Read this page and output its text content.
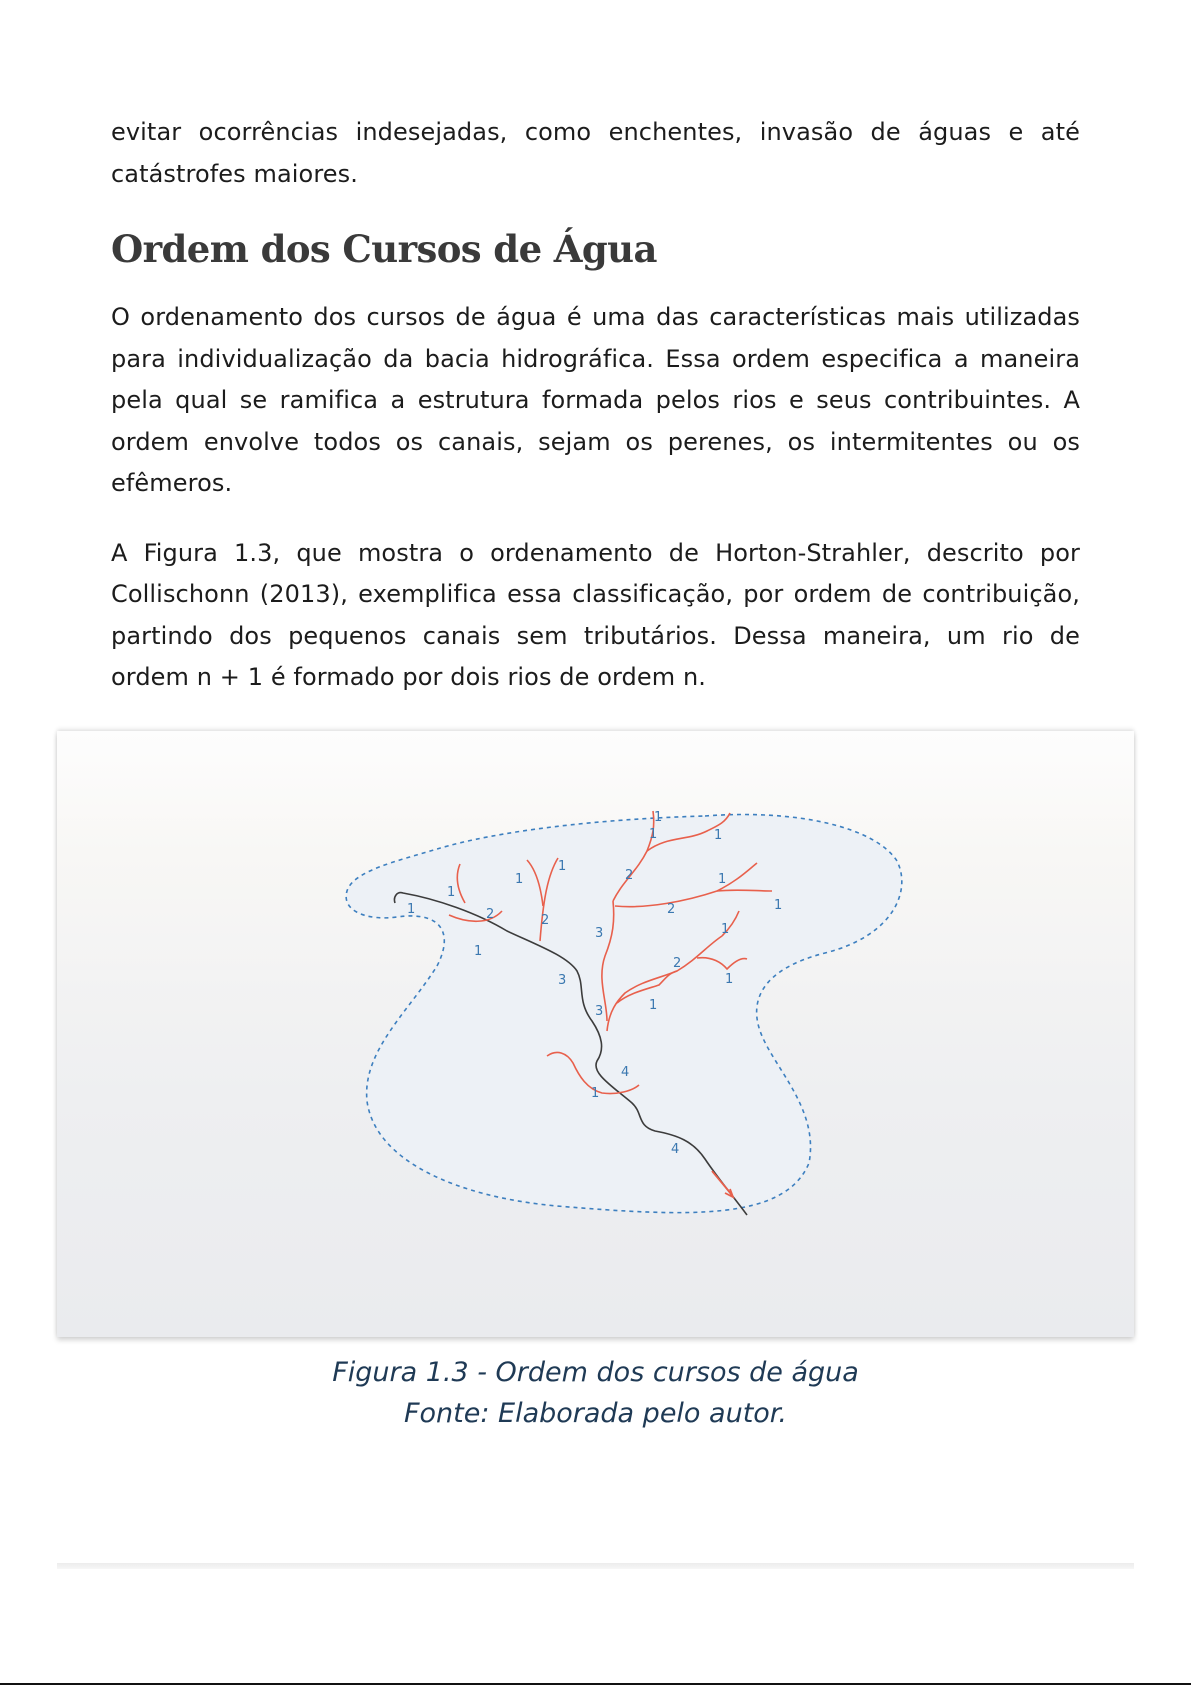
evitar ocorrências indesejadas, como enchentes, invasão de águas e até catástrofes maiores.

Ordem dos Cursos de Água

O ordenamento dos cursos de água é uma das características mais utilizadas para individualização da bacia hidrográfica. Essa ordem especifica a maneira pela qual se ramifica a estrutura formada pelos rios e seus contribuintes. A ordem envolve todos os canais, sejam os perenes, os intermitentes ou os efêmeros.

A Figura 1.3, que mostra o ordenamento de Horton-Strahler, descrito por Collischonn (2013), exemplifica essa classificação, por ordem de contribuição, partindo dos pequenos canais sem tributários. Dessa maneira, um rio de ordem n + 1 é formado por dois rios de ordem n.

1
1
1
1
1
1	1
1
1
1
1
1
1
1
2	2
2
2
2
3
3
3
4
4
Figura 1.3 - Ordem dos cursos de água
Fonte: Elaborada pelo autor.
